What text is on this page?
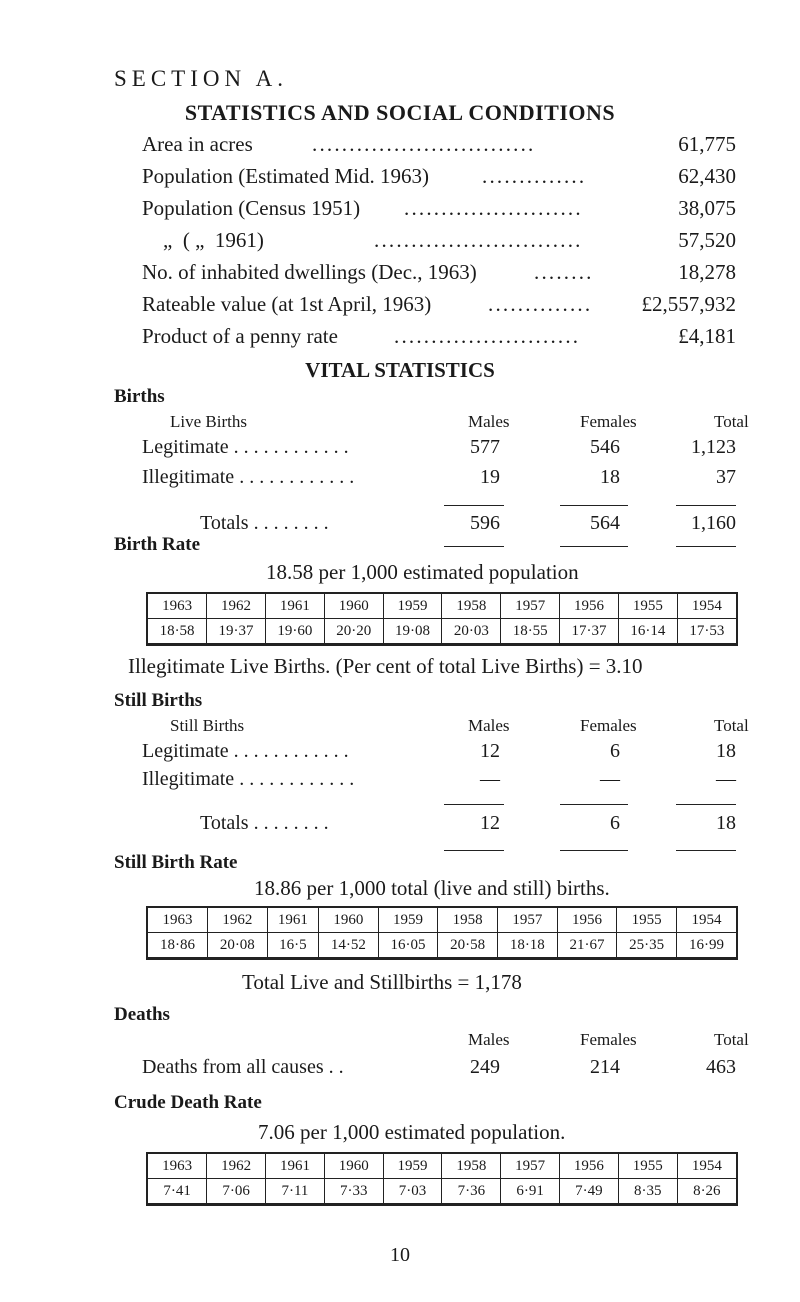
SECTION A.
STATISTICS AND SOCIAL CONDITIONS
Area in acres	..............................	61,775
Population (Estimated Mid. 1963)	..............	62,430
Population (Census 1951) ........................	38,075
„  ( „  1961)	............................	57,520
No. of inhabited dwellings (Dec., 1963)	........	18,278
Rateable value (at 1st April, 1963)	..............	£2,557,932
Product of a penny rate	.........................	£4,181
VITAL STATISTICS
Births
Live Births	Males	Females	Total
Legitimate . . . . . . . . . . . .	577	546	1,123
Illegitimate . . . . . . . . . . . .	19	18	37
Totals . . . . . . . .	596	564	1,160
Birth Rate
18.58 per 1,000 estimated population
1963	1962	1961	1960	1959	1958	1957	1956	1955	1954
18·58	19·37	19·60	20·20	19·08	20·03	18·55	17·37	16·14	17·53
Illegitimate Live Births. (Per cent of total Live Births) = 3.10
Still Births
Still Births	Males	Females	Total
Legitimate . . . . . . . . . . . .	12	6	18
Illegitimate . . . . . . . . . . . .	—	—	—
Totals . . . . . . . .	12	6	18
Still Birth Rate
18.86 per 1,000 total (live and still) births.
1963	1962	1961	1960	1959	1958	1957	1956	1955	1954
18·86	20·08	16·5	14·52	16·05	20·58	18·18	21·67	25·35	16·99
Total Live and Stillbirths = 1,178
Deaths
Males	Females	Total
Deaths from all causes . .	249	214	463
Crude Death Rate
7.06 per 1,000 estimated population.
1963	1962	1961	1960	1959	1958	1957	1956	1955	1954
7·41	7·06	7·11	7·33	7·03	7·36	6·91	7·49	8·35	8·26
10
